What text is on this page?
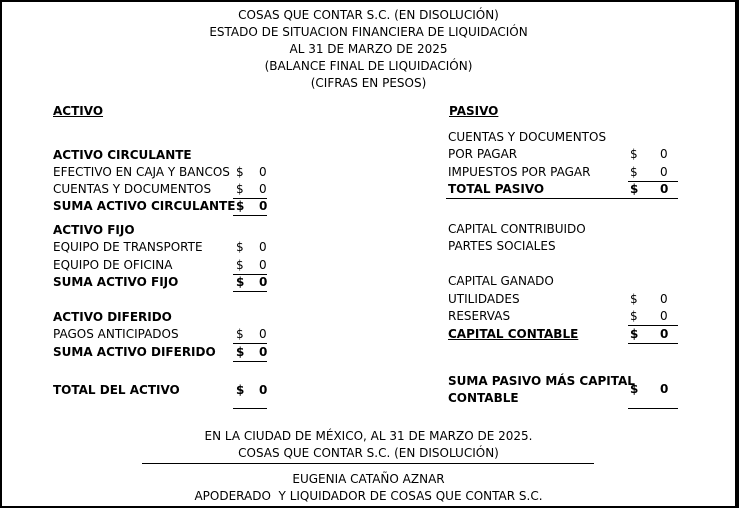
COSAS QUE CONTAR S.C. (EN DISOLUCIÓN)
ESTADO DE SITUACION FINANCIERA DE LIQUIDACIÓN
AL 31 DE MARZO DE 2025
(BALANCE FINAL DE LIQUIDACIÓN)
(CIFRAS EN PESOS)
ACTIVO
ACTIVO CIRCULANTE
EFECTIVO EN CAJA Y BANCOS $ 0
CUENTAS Y DOCUMENTOS $ 0
SUMA ACTIVO CIRCULANTE $ 0
ACTIVO FIJO
EQUIPO DE TRANSPORTE	$ 0
EQUIPO DE OFICINA	$ 0
SUMA ACTIVO FIJO	$ 0
ACTIVO DIFERIDO
PAGOS ANTICIPADOS	$ 0
SUMA ACTIVO DIFERIDO $ 0
TOTAL DEL ACTIVO	$ 0
PASIVO
CUENTAS Y DOCUMENTOS
POR PAGAR	$ 0
IMPUESTOS POR PAGAR	$ 0
TOTAL PASIVO	$ 0
CAPITAL CONTRIBUIDO
PARTES SOCIALES
CAPITAL GANADO
UTILIDADES	$ 0
RESERVAS	$ 0
CAPITAL CONTABLE	$ 0
SUMA PASIVO MÁS CAPITAL
CONTABLE
$ 0
EN LA CIUDAD DE MÉXICO, AL 31 DE MARZO DE 2025.
COSAS QUE CONTAR S.C. (EN DISOLUCIÓN)
EUGENIA CATAÑO AZNAR
APODERADO  Y LIQUIDADOR DE COSAS QUE CONTAR S.C.
